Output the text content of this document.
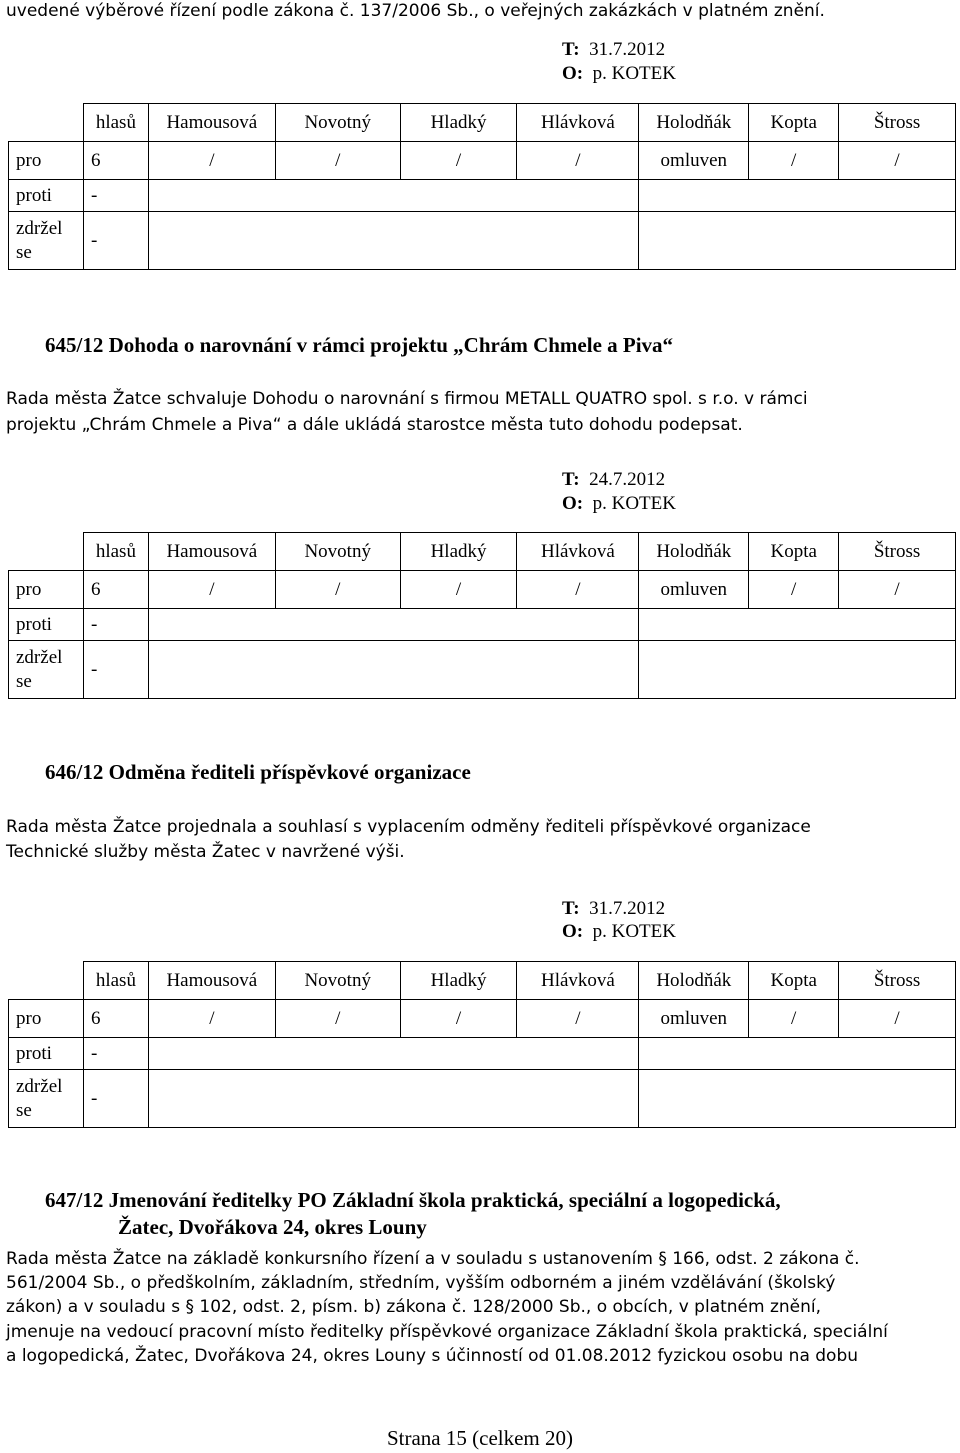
uvedené výběrové řízení podle zákona č. 137/2006 Sb., o veřejných zakázkách v platném znění.
T: 31.7.2012
O: p. KOTEK
	hlasů	Hamousová	Novotný	Hladký	Hlávková	Holodňák	Kopta	Štross
pro	6	/	/	/	/	omluven	/	/
proti	-							
zdržel
se	-							
645/12 Dohoda o narovnání v rámci projektu „Chrám Chmele a Piva“
Rada města Žatce schvaluje Dohodu o narovnání s firmou METALL QUATRO spol. s r.o. v rámci
projektu „Chrám Chmele a Piva“ a dále ukládá starostce města tuto dohodu podepsat.
T: 24.7.2012
O: p. KOTEK
	hlasů	Hamousová	Novotný	Hladký	Hlávková	Holodňák	Kopta	Štross
pro	6	/	/	/	/	omluven	/	/
proti	-							
zdržel
se	-							
646/12 Odměna řediteli příspěvkové organizace
Rada města Žatce projednala a souhlasí s vyplacením odměny řediteli příspěvkové organizace
Technické služby města Žatec v navržené výši.
T: 31.7.2012
O: p. KOTEK
	hlasů	Hamousová	Novotný	Hladký	Hlávková	Holodňák	Kopta	Štross
pro	6	/	/	/	/	omluven	/	/
proti	-							
zdržel
se	-							
647/12 Jmenování ředitelky PO Základní škola praktická, speciální a logopedická,
Žatec, Dvořákova 24, okres Louny
Rada města Žatce na základě konkursního řízení a v souladu s ustanovením § 166, odst. 2 zákona č.
561/2004 Sb., o předškolním, základním, středním, vyšším odborném a jiném vzdělávání (školský
zákon) a v souladu s § 102, odst. 2, písm. b) zákona č. 128/2000 Sb., o obcích, v platném znění,
jmenuje na vedoucí pracovní místo ředitelky příspěvkové organizace Základní škola praktická, speciální
a logopedická, Žatec, Dvořákova 24, okres Louny s účinností od 01.08.2012 fyzickou osobu na dobu
Strana 15 (celkem 20)
